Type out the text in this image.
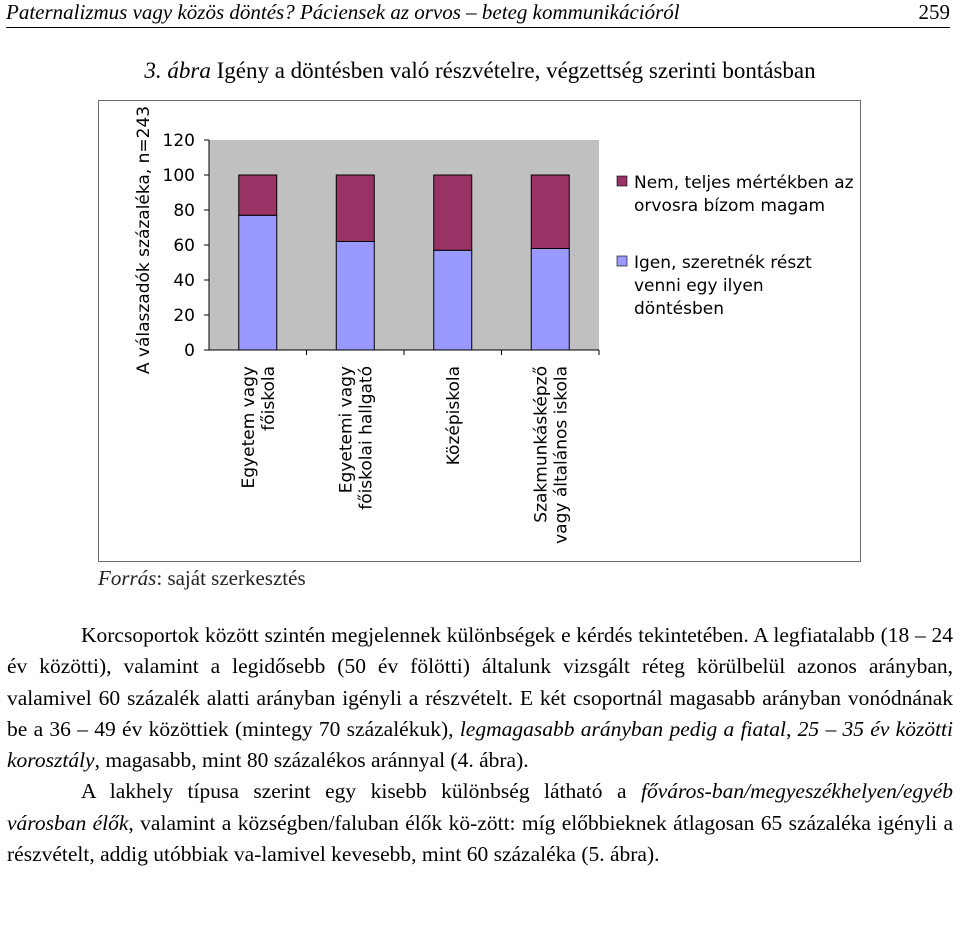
Paternalizmus vagy közös döntés? Páciensek az orvos – beteg kommunikációról	259
3. ábra Igény a döntésben való részvételre, végzettség szerinti bontásban
0
20
40
60
80
100
120
A válaszadók százaléka, n=243
Egyetem vagy főiskola	Egyetemi vagy főiskolai hallgató	Középiskola	Szakmunkásképző vagy általános iskola
Nem, teljes mértékben az
orvosra bízom magam
Igen, szeretnék részt
venni egy ilyen
döntésben
Forrás: saját szerkesztés

Korcsoportok között szintén megjelennek különbségek e kérdés tekintetében. A legfiatalabb (18 – 24 év közötti), valamint a legidősebb (50 év fölötti) általunk vizsgált réteg körülbelül azonos arányban, valamivel 60 százalék alatti arányban igényli a részvételt. E két csoportnál magasabb arányban vonódnának be a 36 – 49 év közöttiek (mintegy 70 százalékuk), legmagasabb arányban pedig a fiatal, 25 – 35 év közötti korosztály, magasabb, mint 80 százalékos aránnyal (4. ábra).

A lakhely típusa szerint egy kisebb különbség látható a főváros-ban/megyeszékhelyen/egyéb városban élők, valamint a községben/faluban élők kö-zött: míg előbbieknek átlagosan 65 százaléka igényli a részvételt, addig utóbbiak va-lamivel kevesebb, mint 60 százaléka (5. ábra).
